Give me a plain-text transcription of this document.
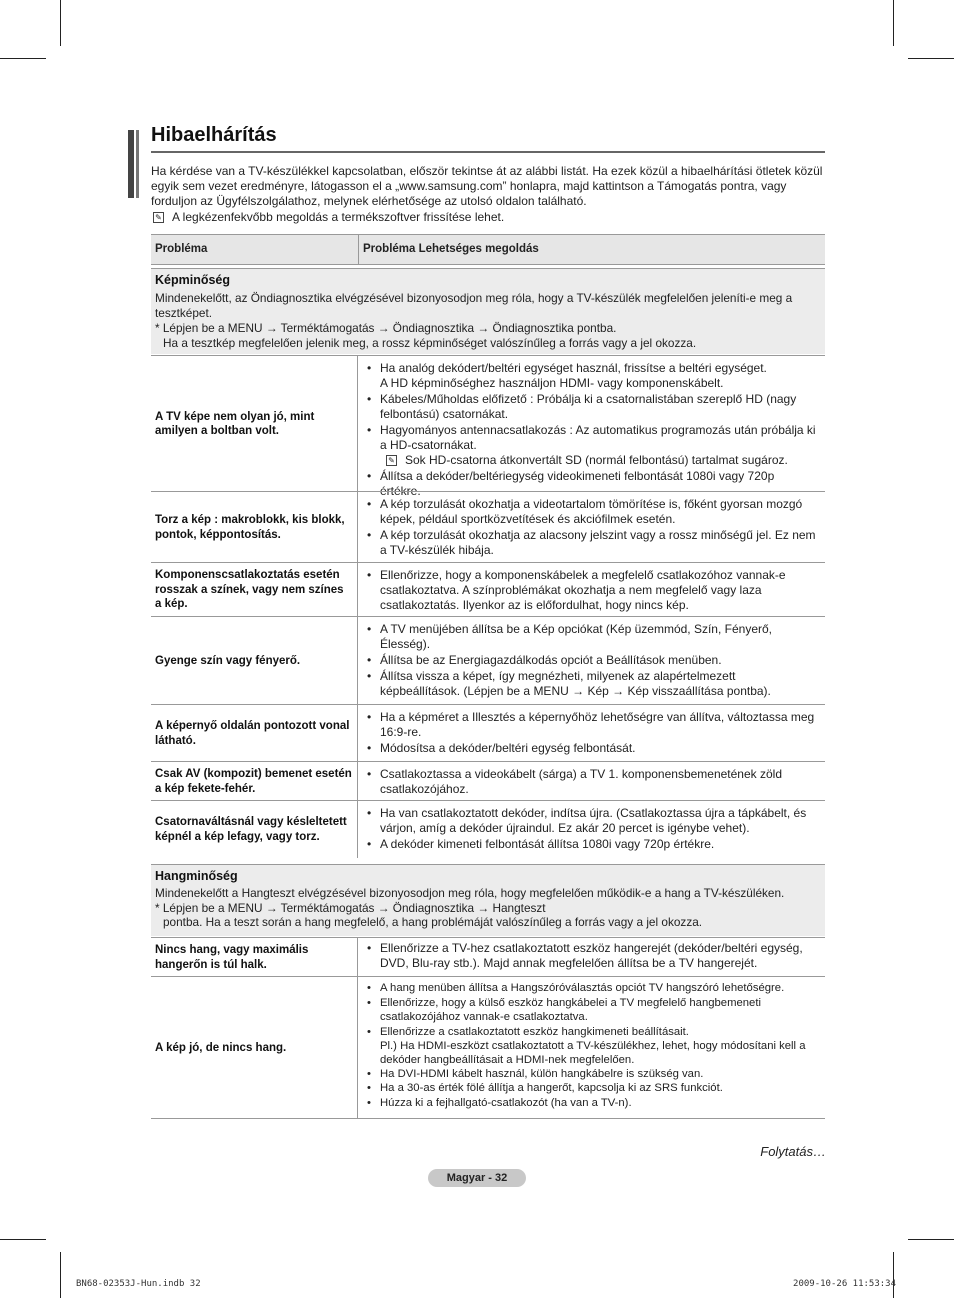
Hibaelhárítás

Ha kérdése van a TV-készülékkel kapcsolatban, először tekintse át az alábbi listát. Ha ezek közül a hibaelhárítási ötletek közül egyik sem vezet eredményre, látogasson el a „www.samsung.com” honlapra, majd kattintson a Támogatás pontra, vagy forduljon az Ügyfélszolgálathoz, melynek elérhetősége az utolsó oldalon található.

✎ A legkézenfekvőbb megoldás a termékszoftver frissítése lehet.
Probléma	Probléma Lehetséges megoldás
Képminőség

Mindenekelőtt, az Öndiagnosztika elvégzésével bizonyosodjon meg róla, hogy a TV-készülék megfelelően jeleníti-e meg a tesztképet.

* Lépjen be a MENU → Terméktámogatás → Öndiagnosztika → Öndiagnosztika pontba.

Ha a tesztkép megfelelően jelenik meg, a rossz képminőséget valószínűleg a forrás vagy a jel okozza.

A TV képe nem olyan jó, mint amilyen a boltban volt.
• Ha analóg dekódert/beltéri egységet használ, frissítse a beltéri egységet.
A HD képminőséghez használjon HDMI- vagy komponenskábelt.
• Kábeles/Műholdas előfizető : Próbálja ki a csatornalistában szereplő HD (nagy felbontású) csatornákat.
• Hagyományos antennacsatlakozás : Az automatikus programozás után próbálja ki a HD-csatornákat.
✎ Sok HD-csatorna átkonvertált SD (normál felbontású) tartalmat sugároz.
• Állítsa a dekóder/beltériegység videokimeneti felbontását 1080i vagy 720p értékre.
Torz a kép : makroblokk, kis blokk, pontok, képpontosítás.
• A kép torzulását okozhatja a videotartalom tömörítése is, főként gyorsan mozgó képek, például sportközvetítések és akciófilmek esetén.
• A kép torzulását okozhatja az alacsony jelszint vagy a rossz minőségű jel. Ez nem a TV-készülék hibája.
Komponenscsatlakoztatás esetén rosszak a színek, vagy nem színes a kép.
• Ellenőrizze, hogy a komponenskábelek a megfelelő csatlakozóhoz vannak-e csatlakoztatva. A színproblémákat okozhatja a nem megfelelő vagy laza csatlakoztatás. Ilyenkor az is előfordulhat, hogy nincs kép.
Gyenge szín vagy fényerő.
• A TV menüjében állítsa be a Kép opciókat (Kép üzemmód, Szín, Fényerő, Élesség).
• Állítsa be az Energiagazdálkodás opciót a Beállítások menüben.
• Állítsa vissza a képet, így megnézheti, milyenek az alapértelmezett képbeállítások. (Lépjen be a MENU → Kép → Kép visszaállítása pontba).
A képernyő oldalán pontozott vonal látható.
• Ha a képméret a Illesztés a képernyőhöz lehetőségre van állítva, változtassa meg 16:9-re.
• Módosítsa a dekóder/beltéri egység felbontását.
Csak AV (kompozit) bemenet esetén a kép fekete-fehér.
• Csatlakoztassa a videokábelt (sárga) a TV 1. komponensbemenetének zöld csatlakozójához.
Csatornaváltásnál vagy késleltetett képnél a kép lefagy, vagy torz.
• Ha van csatlakoztatott dekóder, indítsa újra. (Csatlakoztassa újra a tápkábelt, és várjon, amíg a dekóder újraindul. Ez akár 20 percet is igénybe vehet).
• A dekóder kimeneti felbontását állítsa 1080i vagy 720p értékre.
Hangminőség

Mindenekelőtt a Hangteszt elvégzésével bizonyosodjon meg róla, hogy megfelelően működik-e a hang a TV-készüléken.

* Lépjen be a MENU → Terméktámogatás → Öndiagnosztika → Hangteszt

pontba. Ha a teszt során a hang megfelelő, a hang problémáját valószínűleg a forrás vagy a jel okozza.

Nincs hang, vagy maximális hangerőn is túl halk.
• Ellenőrizze a TV-hez csatlakoztatott eszköz hangerejét (dekóder/beltéri egység, DVD, Blu-ray stb.). Majd annak megfelelően állítsa be a TV hangerejét.
A kép jó, de nincs hang.
• A hang menüben állítsa a Hangszóróválasztás opciót TV hangszóró lehetőségre.
• Ellenőrizze, hogy a külső eszköz hangkábelei a TV megfelelő hangbemeneti csatlakozójához vannak-e csatlakoztatva.
• Ellenőrizze a csatlakoztatott eszköz hangkimeneti beállításait.
Pl.) Ha HDMI-eszközt csatlakoztatott a TV-készülékhez, lehet, hogy módosítani kell a dekóder hangbeállításait a HDMI-nek megfelelően.
• Ha DVI-HDMI kábelt használ, külön hangkábelre is szükség van.
• Ha a 30-as érték fölé állítja a hangerőt, kapcsolja ki az SRS funkciót.
• Húzza ki a fejhallgató-csatlakozót (ha van a TV-n).
Folytatás…
Magyar - 32
BN68-02353J-Hun.indb 32	2009-10-26 11:53:34
